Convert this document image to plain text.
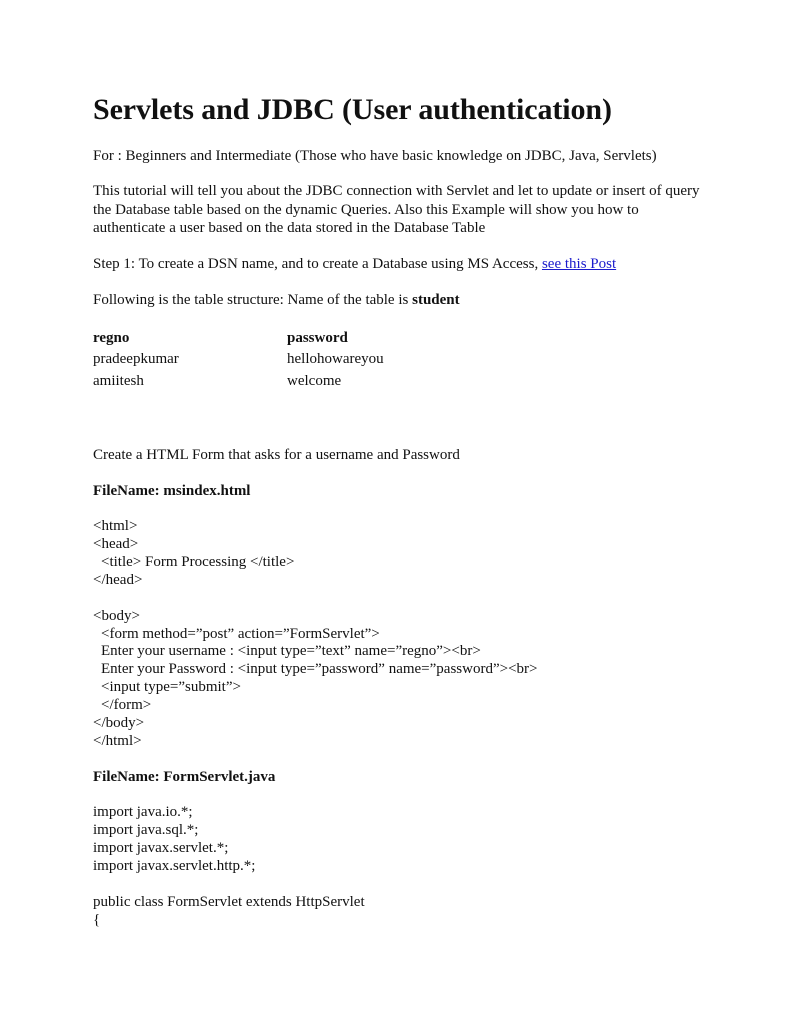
Servlets and JDBC (User authentication)
For : Beginners and Intermediate (Those who have basic knowledge on JDBC, Java, Servlets)
This tutorial will tell you about the JDBC connection with Servlet and let to update or insert of query the Database table based on the dynamic Queries. Also this Example will show you how to authenticate a user based on the data stored in the Database Table
Step 1: To create a DSN name, and to create a Database using MS Access, see this Post
Following is the table structure: Name of the table is student
regno	password
pradeepkumar	hellohowareyou
amiitesh	welcome
Create a HTML Form that asks for a username and Password
FileName: msindex.html
<html>
<head>
<title> Form Processing </title>
</head>
<body>
<form method=”post” action=”FormServlet”>
Enter your username : <input type=”text” name=”regno”><br>
Enter your Password : <input type=”password” name=”password”><br>
<input type=”submit”>
</form>
</body>
</html>
FileName: FormServlet.java
import java.io.*;
import java.sql.*;
import javax.servlet.*;
import javax.servlet.http.*;
public class FormServlet extends HttpServlet
{
